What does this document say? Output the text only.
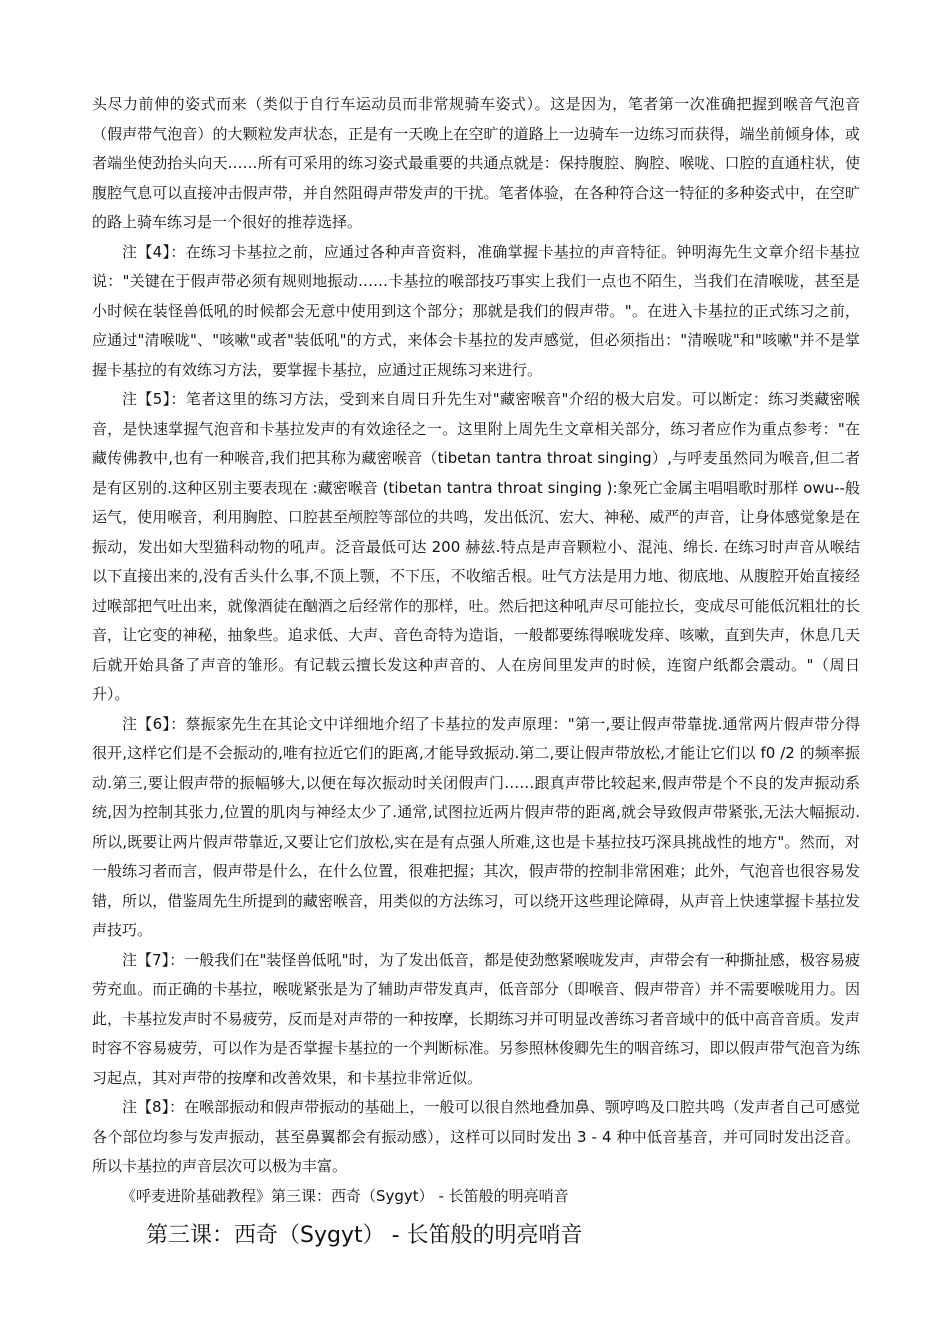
头尽力前伸的姿式而来（类似于自行车运动员而非常规骑车姿式）。这是因为，笔者第一次准确把握到喉音气泡音（假声带气泡音）的大颗粒发声状态，正是有一天晚上在空旷的道路上一边骑车一边练习而获得，端坐前倾身体，或者端坐使劲抬头向天……所有可采用的练习姿式最重要的共通点就是：保持腹腔、胸腔、喉咙、口腔的直通柱状，使腹腔气息可以直接冲击假声带，并自然阻碍声带发声的干扰。笔者体验，在各种符合这一特征的多种姿式中，在空旷的路上骑车练习是一个很好的推荐选择。

注【4】：在练习卡基拉之前，应通过各种声音资料，准确掌握卡基拉的声音特征。钟明海先生文章介绍卡基拉说："关键在于假声带必须有规则地振动……卡基拉的喉部技巧事实上我们一点也不陌生，当我们在清喉咙，甚至是小时候在装怪兽低吼的时候都会无意中使用到这个部分；那就是我们的假声带。"。在进入卡基拉的正式练习之前，应通过"清喉咙"、"咳嗽"或者"装低吼"的方式，来体会卡基拉的发声感觉，但必须指出："清喉咙"和"咳嗽"并不是掌握卡基拉的有效练习方法，要掌握卡基拉，应通过正规练习来进行。

注【5】：笔者这里的练习方法，受到来自周日升先生对"藏密喉音"介绍的极大启发。可以断定：练习类藏密喉音，是快速掌握气泡音和卡基拉发声的有效途径之一。这里附上周先生文章相关部分，练习者应作为重点参考："在藏传佛教中,也有一种喉音,我们把其称为藏密喉音（tibetan tantra throat singing）,与呼麦虽然同为喉音,但二者是有区别的.这种区别主要表现在 :藏密喉音 (tibetan tantra throat singing ):象死亡金属主唱唱歌时那样 owu--般运气，使用喉音，利用胸腔、口腔甚至颅腔等部位的共鸣，发出低沉、宏大、神秘、威严的声音，让身体感觉象是在振动，发出如大型猫科动物的吼声。泛音最低可达 200 赫兹.特点是声音颗粒小、混沌、绵长. 在练习时声音从喉结以下直接出来的,没有舌头什么事,不顶上颚，不下压，不收缩舌根。吐气方法是用力地、彻底地、从腹腔开始直接经过喉部把气吐出来，就像酒徒在酗酒之后经常作的那样，吐。然后把这种吼声尽可能拉长，变成尽可能低沉粗壮的长音，让它变的神秘，抽象些。追求低、大声、音色奇特为造诣，一般都要练得喉咙发痒、咳嗽，直到失声，休息几天后就开始具备了声音的雏形。有记载云擅长发这种声音的、人在房间里发声的时候，连窗户纸都会震动。"（周日升）。

注【6】：蔡振家先生在其论文中详细地介绍了卡基拉的发声原理："第一,要让假声带靠拢.通常两片假声带分得很开,这样它们是不会振动的,唯有拉近它们的距离,才能导致振动.第二,要让假声带放松,才能让它们以 f0 /2 的频率振动.第三,要让假声带的振幅够大,以便在每次振动时关闭假声门……跟真声带比较起来,假声带是个不良的发声振动系统,因为控制其张力,位置的肌肉与神经太少了.通常,试图拉近两片假声带的距离,就会导致假声带紧张,无法大幅振动.所以,既要让两片假声带靠近,又要让它们放松,实在是有点强人所难,这也是卡基拉技巧深具挑战性的地方"。然而，对一般练习者而言，假声带是什么，在什么位置，很难把握；其次，假声带的控制非常困难；此外，气泡音也很容易发错，所以，借鉴周先生所提到的藏密喉音，用类似的方法练习，可以绕开这些理论障碍，从声音上快速掌握卡基拉发声技巧。

注【7】：一般我们在"装怪兽低吼"时，为了发出低音，都是使劲憋紧喉咙发声，声带会有一种撕扯感，极容易疲劳充血。而正确的卡基拉，喉咙紧张是为了辅助声带发真声，低音部分（即喉音、假声带音）并不需要喉咙用力。因此，卡基拉发声时不易疲劳，反而是对声带的一种按摩，长期练习并可明显改善练习者音域中的低中高音音质。发声时容不容易疲劳，可以作为是否掌握卡基拉的一个判断标准。另参照林俊卿先生的咽音练习，即以假声带气泡音为练习起点，其对声带的按摩和改善效果，和卡基拉非常近似。

注【8】：在喉部振动和假声带振动的基础上，一般可以很自然地叠加鼻、颚哼鸣及口腔共鸣（发声者自己可感觉各个部位均参与发声振动，甚至鼻翼都会有振动感），这样可以同时发出 3 - 4 种中低音基音，并可同时发出泛音。所以卡基拉的声音层次可以极为丰富。

《呼麦进阶基础教程》第三课：西奇（Sygyt） - 长笛般的明亮哨音

第三课：西奇（Sygyt） - 长笛般的明亮哨音
